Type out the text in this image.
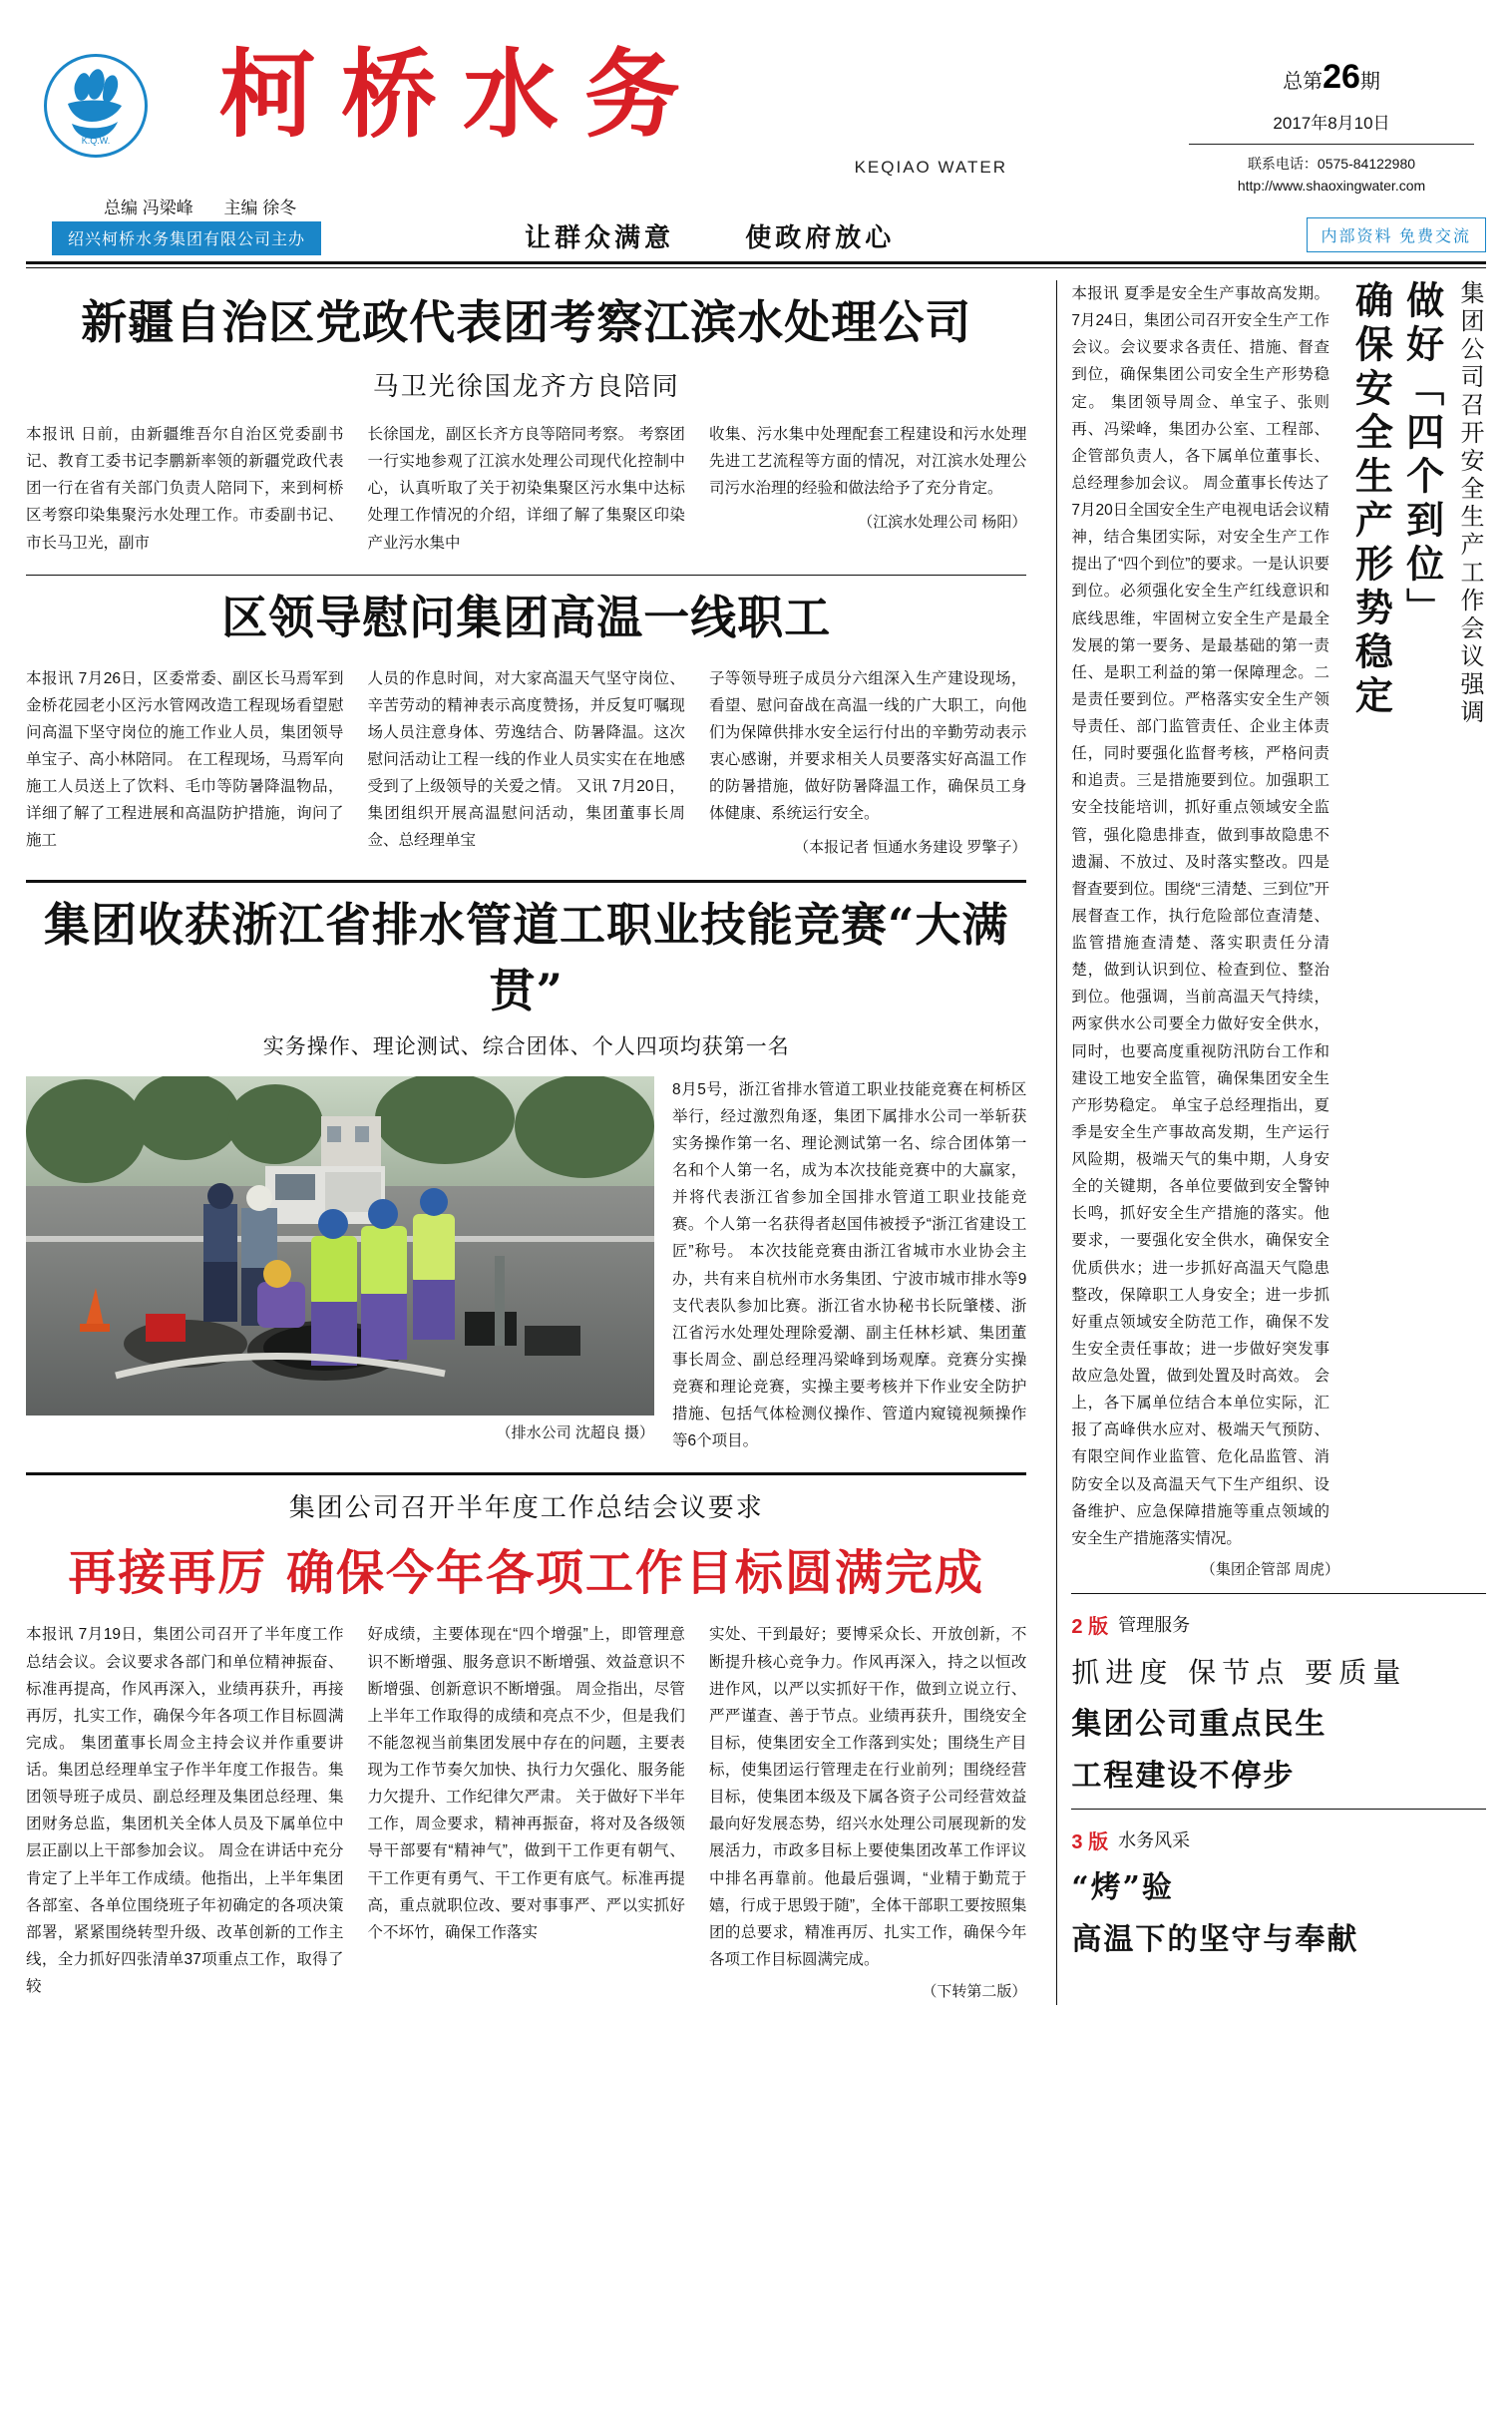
K.Q.W.	柯桥水务
KEQIAO WATER
总第26期
2017年8月10日
联系电话：0575-84122980
http://www.shaoxingwater.com
总编 冯梁峰 主编 徐冬
绍兴柯桥水务集团有限公司主办	让群众满意	使政府放心	内部资料 免费交流
新疆自治区党政代表团考察江滨水处理公司
马卫光徐国龙齐方良陪同
本报讯 日前，由新疆维吾尔自治区党委副书记、教育工委书记李鹏新率领的新疆党政代表团一行在省有关部门负责人陪同下，来到柯桥区考察印染集聚污水处理工作。市委副书记、市长马卫光，副市
长徐国龙，副区长齐方良等陪同考察。 考察团一行实地参观了江滨水处理公司现代化控制中心，认真听取了关于初染集聚区污水集中达标处理工作情况的介绍，详细了解了集聚区印染产业污水集中
收集、污水集中处理配套工程建设和污水处理先进工艺流程等方面的情况，对江滨水处理公司污水治理的经验和做法给予了充分肯定。
（江滨水处理公司 杨阳）
区领导慰问集团高温一线职工
本报讯 7月26日，区委常委、副区长马焉军到金桥花园老小区污水管网改造工程现场看望慰问高温下坚守岗位的施工作业人员，集团领导单宝子、高小林陪同。 在工程现场，马焉军向施工人员送上了饮料、毛巾等防暑降温物品，详细了解了工程进展和高温防护措施，询问了施工
人员的作息时间，对大家高温天气坚守岗位、辛苦劳动的精神表示高度赞扬，并反复叮嘱现场人员注意身体、劳逸结合、防暑降温。这次慰问活动让工程一线的作业人员实实在在地感受到了上级领导的关爱之情。 又讯 7月20日，集团组织开展高温慰问活动，集团董事长周佥、总经理单宝
子等领导班子成员分六组深入生产建设现场，看望、慰问奋战在高温一线的广大职工，向他们为保障供排水安全运行付出的辛勤劳动表示衷心感谢，并要求相关人员要落实好高温工作的防暑措施，做好防暑降温工作，确保员工身体健康、系统运行安全。
（本报记者 恒通水务建设 罗擎子）
集团收获浙江省排水管道工职业技能竞赛“大满贯”
实务操作、理论测试、综合团体、个人四项均获第一名
（排水公司 沈超良 摄）
8月5号，浙江省排水管道工职业技能竞赛在柯桥区举行，经过激烈角逐，集团下属排水公司一举斩获实务操作第一名、理论测试第一名、综合团体第一名和个人第一名，成为本次技能竞赛中的大赢家，并将代表浙江省参加全国排水管道工职业技能竞赛。个人第一名获得者赵国伟被授予“浙江省建设工匠”称号。 本次技能竞赛由浙江省城市水业协会主办，共有来自杭州市水务集团、宁波市城市排水等9支代表队参加比赛。浙江省水协秘书长阮肇楼、浙江省污水处理处理除爱潮、副主任林杉斌、集团董事长周佥、副总经理冯梁峰到场观摩。竞赛分实操竞赛和理论竞赛，实操主要考核并下作业安全防护措施、包括气体检测仪操作、管道内窥镜视频操作等6个项目。
集团公司召开半年度工作总结会议要求
再接再厉 确保今年各项工作目标圆满完成
本报讯 7月19日，集团公司召开了半年度工作总结会议。会议要求各部门和单位精神振奋、标准再提高，作风再深入，业绩再获升，再接再厉，扎实工作，确保今年各项工作目标圆满完成。 集团董事长周佥主持会议并作重要讲话。集团总经理单宝子作半年度工作报告。集团领导班子成员、副总经理及集团总经理、集团财务总监，集团机关全体人员及下属单位中层正副以上干部参加会议。 周佥在讲话中充分肯定了上半年工作成绩。他指出，上半年集团各部室、各单位围绕班子年初确定的各项决策部署，紧紧围绕转型升级、改革创新的工作主线，全力抓好四张清单37项重点工作，取得了较
好成绩，主要体现在“四个增强”上，即管理意识不断增强、服务意识不断增强、效益意识不断增强、创新意识不断增强。 周佥指出，尽管上半年工作取得的成绩和亮点不少，但是我们不能忽视当前集团发展中存在的问题，主要表现为工作节奏欠加快、执行力欠强化、服务能力欠提升、工作纪律欠严肃。 关于做好下半年工作，周佥要求，精神再振奋，将对及各级领导干部要有“精神气”，做到干工作更有朝气、干工作更有勇气、干工作更有底气。标准再提高，重点就职位改、要对事事严、严以实抓好个不坏竹，确保工作落实
实处、干到最好；要博采众长、开放创新，不断提升核心竞争力。作风再深入，持之以恒改进作风，以严以实抓好干作，做到立说立行、严严谨查、善于节点。业绩再获升，围绕安全目标，使集团安全工作落到实处；围绕生产目标，使集团运行管理走在行业前列；围绕经营目标，使集团本级及下属各资子公司经营效益最向好发展态势，绍兴水处理公司展现新的发展活力，市政多目标上要使集团改革工作评议中排名再靠前。他最后强调，“业精于勤荒于嬉，行成于思毁于随”，全体干部职工要按照集团的总要求，精准再厉、扎实工作，确保今年各项工作目标圆满完成。
（下转第二版）
做好「四个到位」
确保安全生产形势稳定	集团公司召开安全生产工作会议强调
本报讯 夏季是安全生产事故高发期。7月24日，集团公司召开安全生产工作会议。会议要求各责任、措施、督查到位，确保集团公司安全生产形势稳定。 集团领导周佥、单宝子、张则再、冯梁峰，集团办公室、工程部、企管部负责人，各下属单位董事长、总经理参加会议。 周佥董事长传达了7月20日全国安全生产电视电话会议精神，结合集团实际，对安全生产工作提出了“四个到位”的要求。一是认识要到位。必须强化安全生产红线意识和底线思维，牢固树立安全生产是最全发展的第一要务、是最基础的第一责任、是职工利益的第一保障理念。二是责任要到位。严格落实安全生产领导责任、部门监管责任、企业主体责任，同时要强化监督考核，严格问责和追责。三是措施要到位。加强职工安全技能培训，抓好重点领域安全监管，强化隐患排查，做到事故隐患不遗漏、不放过、及时落实整改。四是督查要到位。围绕“三清楚、三到位”开展督查工作，执行危险部位查清楚、监管措施查清楚、落实职责任分清楚，做到认识到位、检查到位、整治到位。他强调，当前高温天气持续，两家供水公司要全力做好安全供水，同时，也要高度重视防汛防台工作和建设工地安全监管，确保集团安全生产形势稳定。 单宝子总经理指出，夏季是安全生产事故高发期，生产运行风险期，极端天气的集中期，人身安全的关键期，各单位要做到安全警钟长鸣，抓好安全生产措施的落实。他要求，一要强化安全供水，确保安全优质供水；进一步抓好高温天气隐患整改，保障职工人身安全；进一步抓好重点领域安全防范工作，确保不发生安全责任事故；进一步做好突发事故应急处置，做到处置及时高效。 会上，各下属单位结合本单位实际，汇报了高峰供水应对、极端天气预防、有限空间作业监管、危化品监管、消防安全以及高温天气下生产组织、设备维护、应急保障措施等重点领域的安全生产措施落实情况。
（集团企管部 周虎）
2 版 管理服务
抓进度 保节点 要质量
集团公司重点民生
工程建设不停步
3 版 水务风采
“烤”验
高温下的坚守与奉献
